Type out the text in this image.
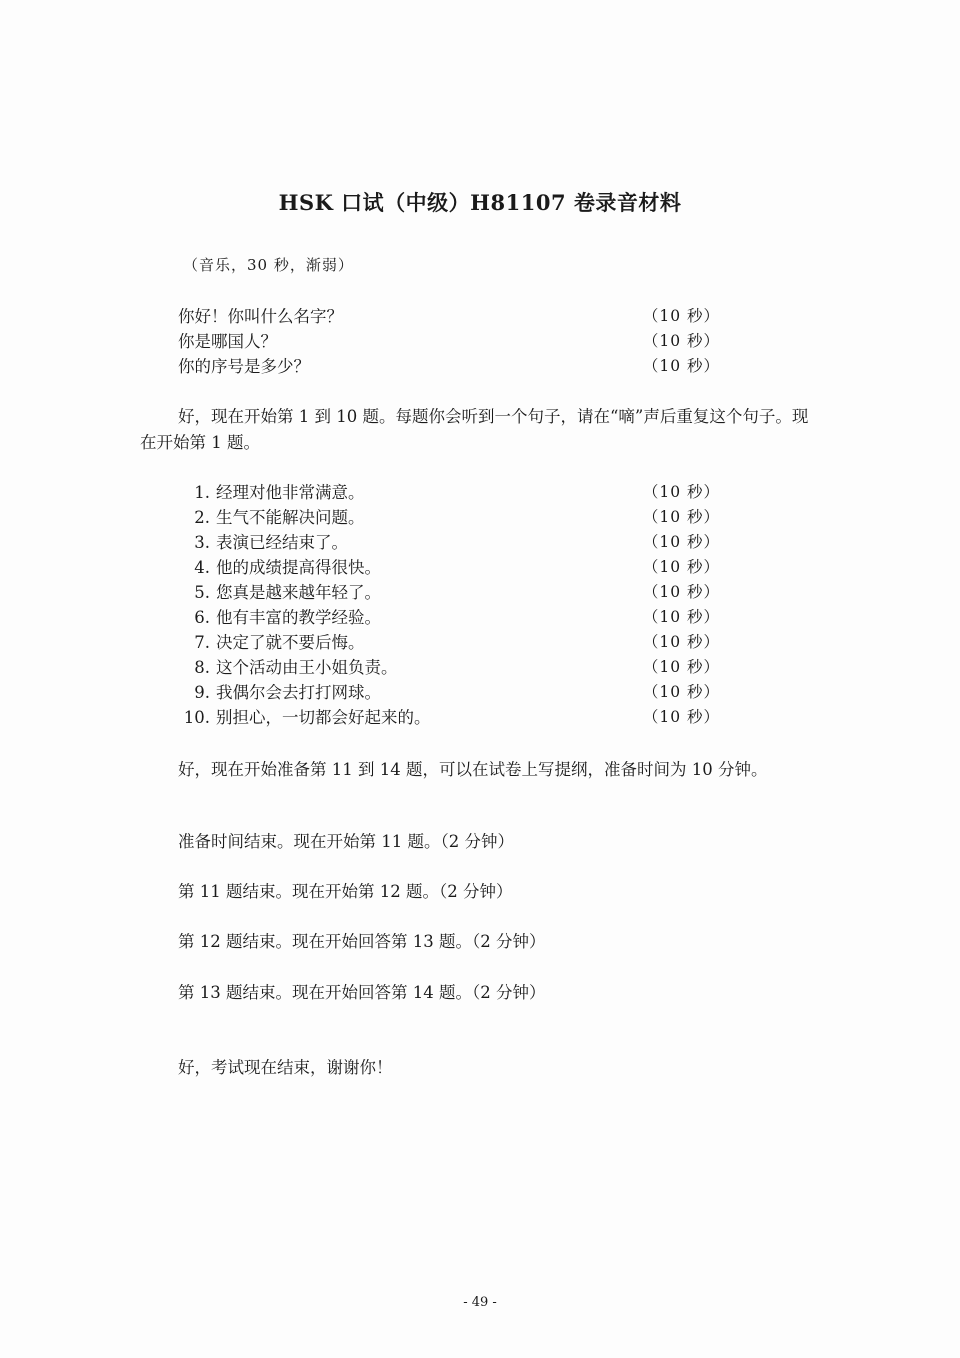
HSK 口试（中级）H81107 卷录音材料
（音乐，30 秒，渐弱）
你好！你叫什么名字？	（10 秒）
你是哪国人？	（10 秒）
你的序号是多少？	（10 秒）
好，现在开始第 1 到 10 题。每题你会听到一个句子，请在“嘀”声后重复这个句子。现在开始第 1 题。
1. 经理对他非常满意。	（10 秒）
2. 生气不能解决问题。	（10 秒）
3. 表演已经结束了。	（10 秒）
4. 他的成绩提高得很快。	（10 秒）
5. 您真是越来越年轻了。	（10 秒）
6. 他有丰富的教学经验。	（10 秒）
7. 决定了就不要后悔。	（10 秒）
8. 这个活动由王小姐负责。	（10 秒）
9. 我偶尔会去打打网球。	（10 秒）
10. 别担心，一切都会好起来的。	（10 秒）
好，现在开始准备第 11 到 14 题，可以在试卷上写提纲，准备时间为 10 分钟。
准备时间结束。现在开始第 11 题。（2 分钟）
第 11 题结束。现在开始第 12 题。（2 分钟）
第 12 题结束。现在开始回答第 13 题。（2 分钟）
第 13 题结束。现在开始回答第 14 题。（2 分钟）
好，考试现在结束，谢谢你！
- 49 -
